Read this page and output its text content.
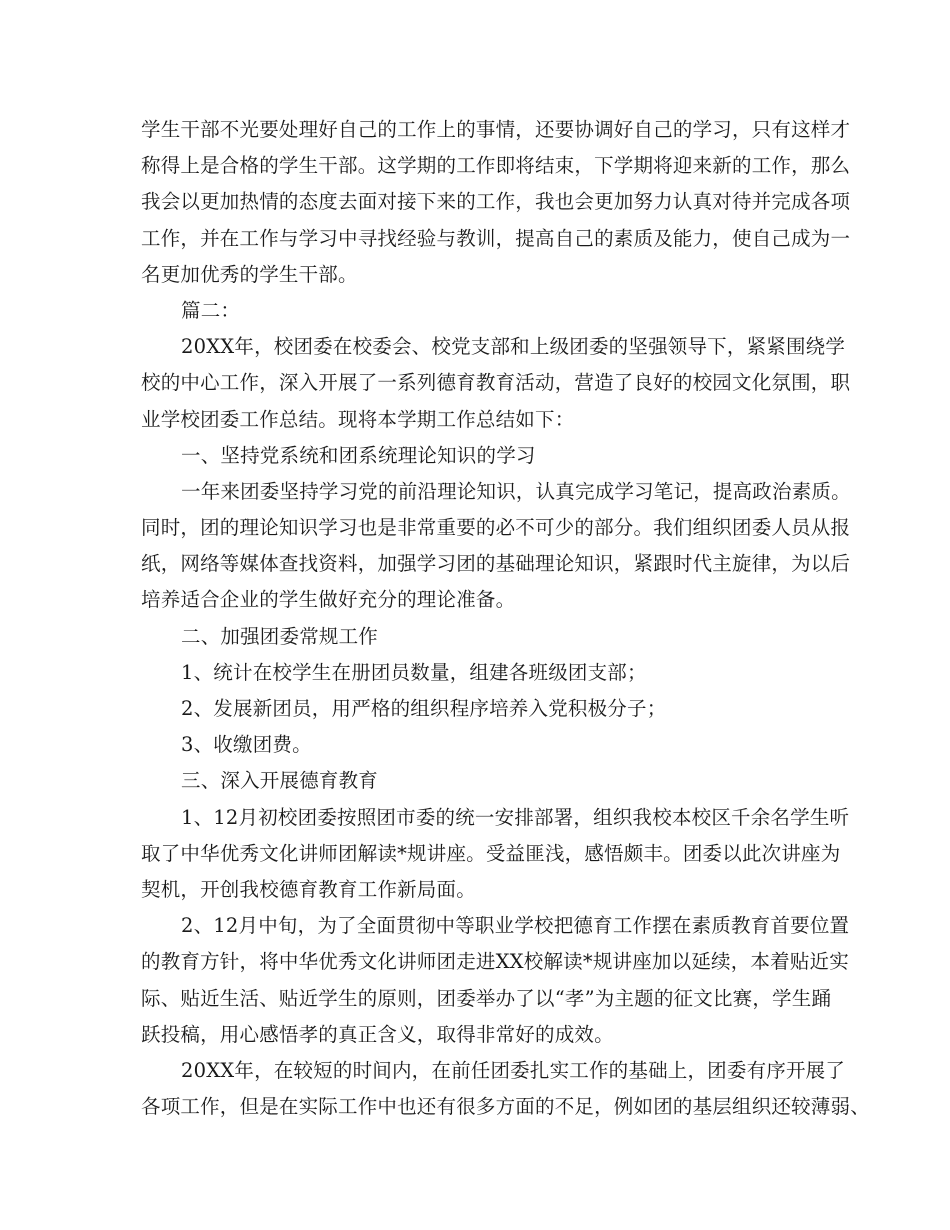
学生干部不光要处理好自己的工作上的事情，还要协调好自己的学习，只有这样才
称得上是合格的学生干部。这学期的工作即将结束，下学期将迎来新的工作，那么
我会以更加热情的态度去面对接下来的工作，我也会更加努力认真对待并完成各项
工作，并在工作与学习中寻找经验与教训，提高自己的素质及能力，使自己成为一
名更加优秀的学生干部。
篇二：
20XX年，校团委在校委会、校党支部和上级团委的坚强领导下，紧紧围绕学
校的中心工作，深入开展了一系列德育教育活动，营造了良好的校园文化氛围，职
业学校团委工作总结。现将本学期工作总结如下：
一、坚持党系统和团系统理论知识的学习
一年来团委坚持学习党的前沿理论知识，认真完成学习笔记，提高政治素质。
同时，团的理论知识学习也是非常重要的必不可少的部分。我们组织团委人员从报
纸，网络等媒体查找资料，加强学习团的基础理论知识，紧跟时代主旋律，为以后
培养适合企业的学生做好充分的理论准备。
二、加强团委常规工作
1、统计在校学生在册团员数量，组建各班级团支部；
2、发展新团员，用严格的组织程序培养入党积极分子；
3、收缴团费。
三、深入开展德育教育
1、12月初校团委按照团市委的统一安排部署，组织我校本校区千余名学生听
取了中华优秀文化讲师团解读*规讲座。受益匪浅，感悟颇丰。团委以此次讲座为
契机，开创我校德育教育工作新局面。
2、12月中旬，为了全面贯彻中等职业学校把德育工作摆在素质教育首要位置
的教育方针，将中华优秀文化讲师团走进XX校解读*规讲座加以延续，本着贴近实
际、贴近生活、贴近学生的原则，团委举办了以“孝”为主题的征文比赛，学生踊
跃投稿，用心感悟孝的真正含义，取得非常好的成效。
20XX年，在较短的时间内，在前任团委扎实工作的基础上，团委有序开展了
各项工作，但是在实际工作中也还有很多方面的不足，例如团的基层组织还较薄弱、
